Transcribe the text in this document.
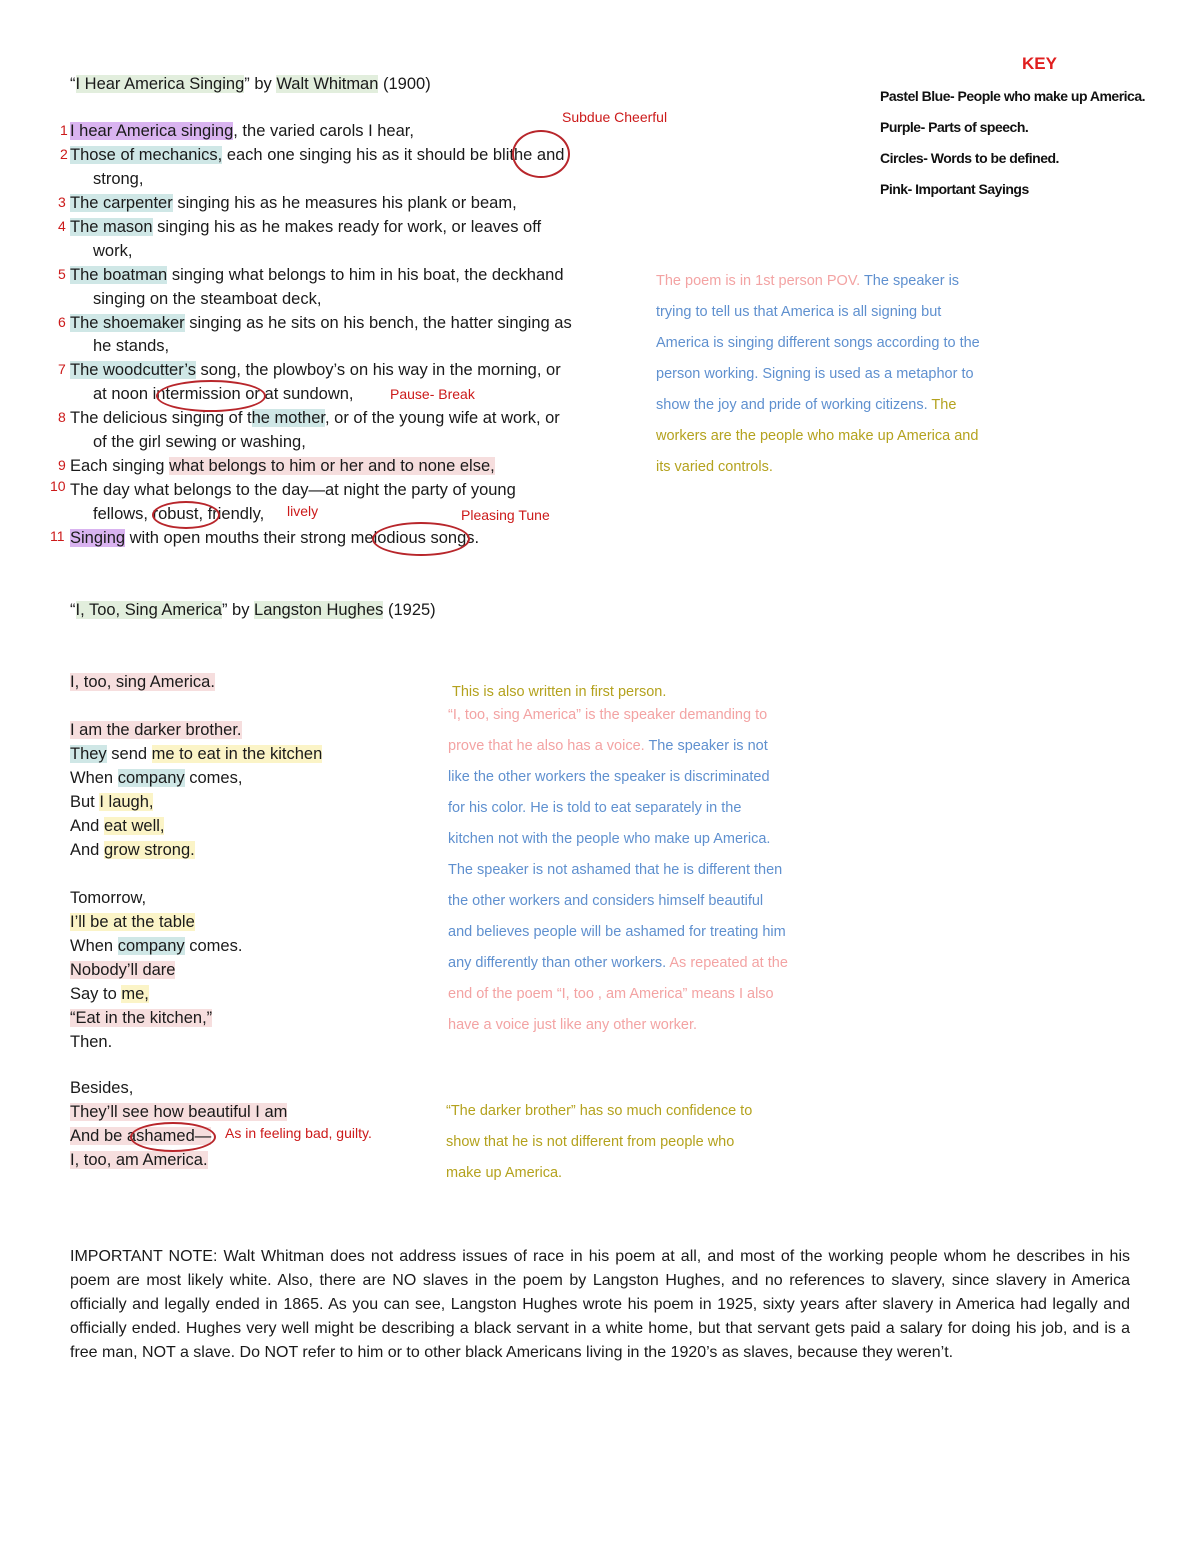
“I Hear America Singing” by Walt Whitman (1900)
1
2
3
4
5
6
7
8
9
10
11
I hear America singing, the varied carols I hear,
Those of mechanics, each one singing his as it should be blithe and
strong,
The carpenter singing his as he measures his plank or beam,
The mason singing his as he makes ready for work, or leaves off
work,
The boatman singing what belongs to him in his boat, the deckhand
singing on the steamboat deck,
The shoemaker singing as he sits on his bench, the hatter singing as
he stands,
The woodcutter’s song, the plowboy’s on his way in the morning, or
at noon intermission or at sundown,
The delicious singing of the mother, or of the young wife at work, or
of the girl sewing or washing,
Each singing what belongs to him or her and to none else,
The day what belongs to the day—at night the party of young
fellows, robust, friendly,
Singing with open mouths their strong melodious songs.
Subdue Cheerful
Pause- Break
lively	Pleasing Tune
KEY
Pastel Blue- People who make up America.
Purple- Parts of speech.
Circles- Words to be defined.
Pink- Important Sayings
The poem is in 1st person POV. The speaker is trying to tell us that America is all signing but America is singing different songs according to the person working. Signing is used as a metaphor to show the joy and pride of working citizens. The workers are the people who make up America and its varied controls.
“I, Too, Sing America” by Langston Hughes (1925)
I, too, sing America.
I am the darker brother.
They send me to eat in the kitchen
When company comes,
But I laugh,
And eat well,
And grow strong.
Tomorrow,
I’ll be at the table
When company comes.
Nobody’ll dare
Say to me,
“Eat in the kitchen,”
Then.
Besides,
They’ll see how beautiful I am
And be ashamed—
I, too, am America.
As in feeling bad, guilty.
This is also written in first person.
“I, too, sing America” is the speaker demanding to prove that he also has a voice. The speaker is not like the other workers the speaker is discriminated for his color. He is told to eat separately in the kitchen not with the people who make up America. The speaker is not ashamed that he is different then the other workers and considers himself beautiful and believes people will be ashamed for treating him any differently than other workers. As repeated at the end of the poem “I, too , am America” means I also have a voice just like any other worker.
“The darker brother” has so much confidence to show that he is not different from people who make up America.
IMPORTANT NOTE: Walt Whitman does not address issues of race in his poem at all, and most of the working people whom he describes in his poem are most likely white. Also, there are NO slaves in the poem by Langston Hughes, and no references to slavery, since slavery in America officially and legally ended in 1865. As you can see, Langston Hughes wrote his poem in 1925, sixty years after slavery in America had legally and officially ended. Hughes very well might be describing a black servant in a white home, but that servant gets paid a salary for doing his job, and is a free man, NOT a slave. Do NOT refer to him or to other black Americans living in the 1920’s as slaves, because they weren’t.
